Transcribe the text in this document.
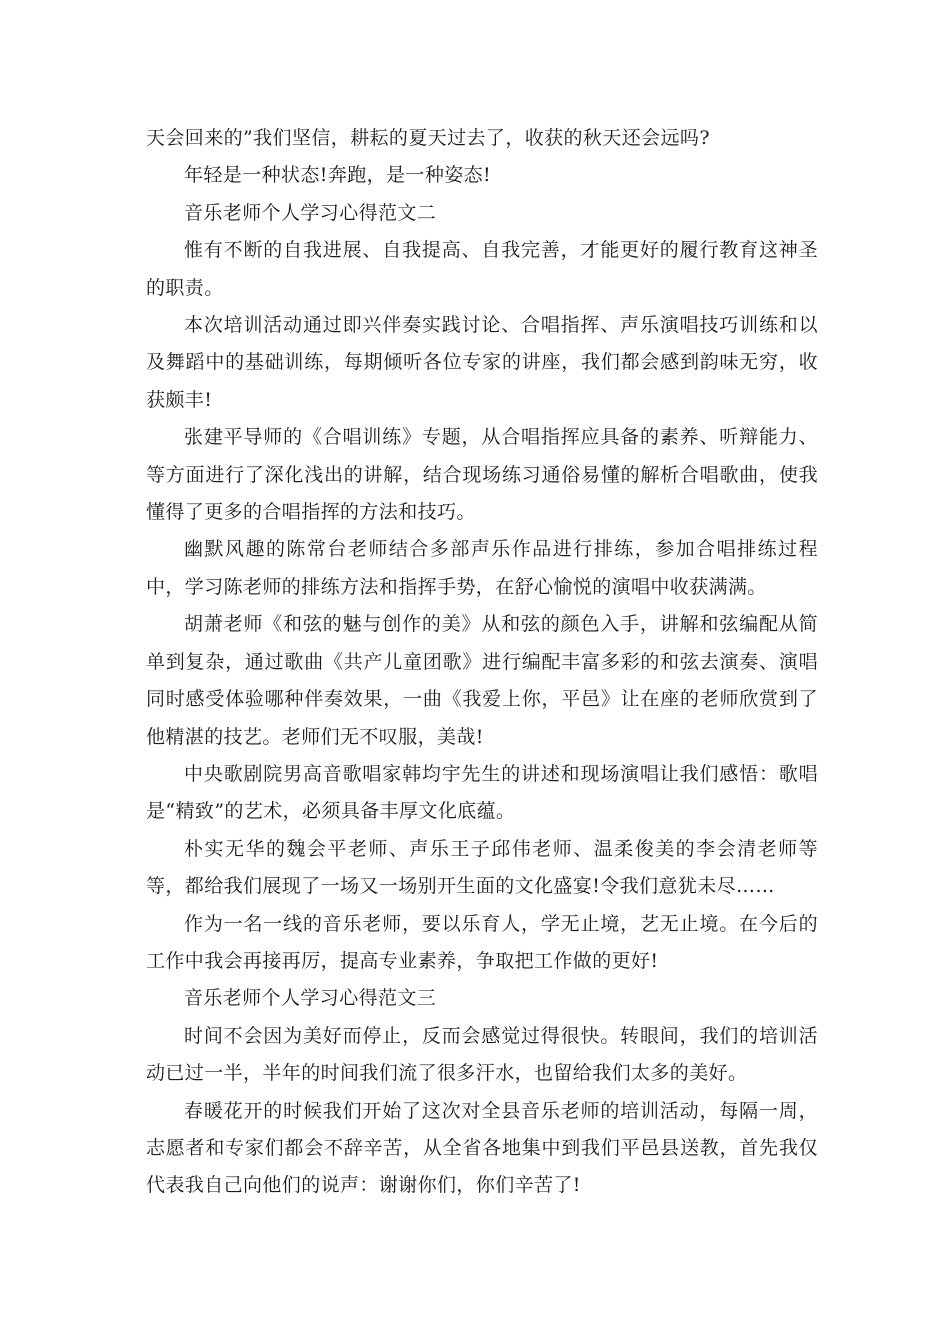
天会回来的”我们坚信，耕耘的夏天过去了，收获的秋天还会远吗?

年轻是一种状态!奔跑，是一种姿态!

音乐老师个人学习心得范文二

惟有不断的自我进展、自我提高、自我完善，才能更好的履行教育这神圣的职责。

本次培训活动通过即兴伴奏实践讨论、合唱指挥、声乐演唱技巧训练和以及舞蹈中的基础训练，每期倾听各位专家的讲座，我们都会感到韵味无穷，收获颇丰!

张建平导师的《合唱训练》专题，从合唱指挥应具备的素养、听辩能力、等方面进行了深化浅出的讲解，结合现场练习通俗易懂的解析合唱歌曲，使我懂得了更多的合唱指挥的方法和技巧。

幽默风趣的陈常台老师结合多部声乐作品进行排练，参加合唱排练过程中，学习陈老师的排练方法和指挥手势，在舒心愉悦的演唱中收获满满。

胡萧老师《和弦的魅与创作的美》从和弦的颜色入手，讲解和弦编配从简单到复杂，通过歌曲《共产儿童团歌》进行编配丰富多彩的和弦去演奏、演唱同时感受体验哪种伴奏效果，一曲《我爱上你，平邑》让在座的老师欣赏到了他精湛的技艺。老师们无不叹服，美哉!

中央歌剧院男高音歌唱家韩均宇先生的讲述和现场演唱让我们感悟：歌唱是“精致”的艺术，必须具备丰厚文化底蕴。

朴实无华的魏会平老师、声乐王子邱伟老师、温柔俊美的李会清老师等等，都给我们展现了一场又一场别开生面的文化盛宴!令我们意犹未尽……

作为一名一线的音乐老师，要以乐育人，学无止境，艺无止境。在今后的工作中我会再接再厉，提高专业素养，争取把工作做的更好!

音乐老师个人学习心得范文三

时间不会因为美好而停止，反而会感觉过得很快。转眼间，我们的培训活动已过一半，半年的时间我们流了很多汗水，也留给我们太多的美好。

春暖花开的时候我们开始了这次对全县音乐老师的培训活动，每隔一周，志愿者和专家们都会不辞辛苦，从全省各地集中到我们平邑县送教，首先我仅代表我自己向他们的说声：谢谢你们，你们辛苦了!
